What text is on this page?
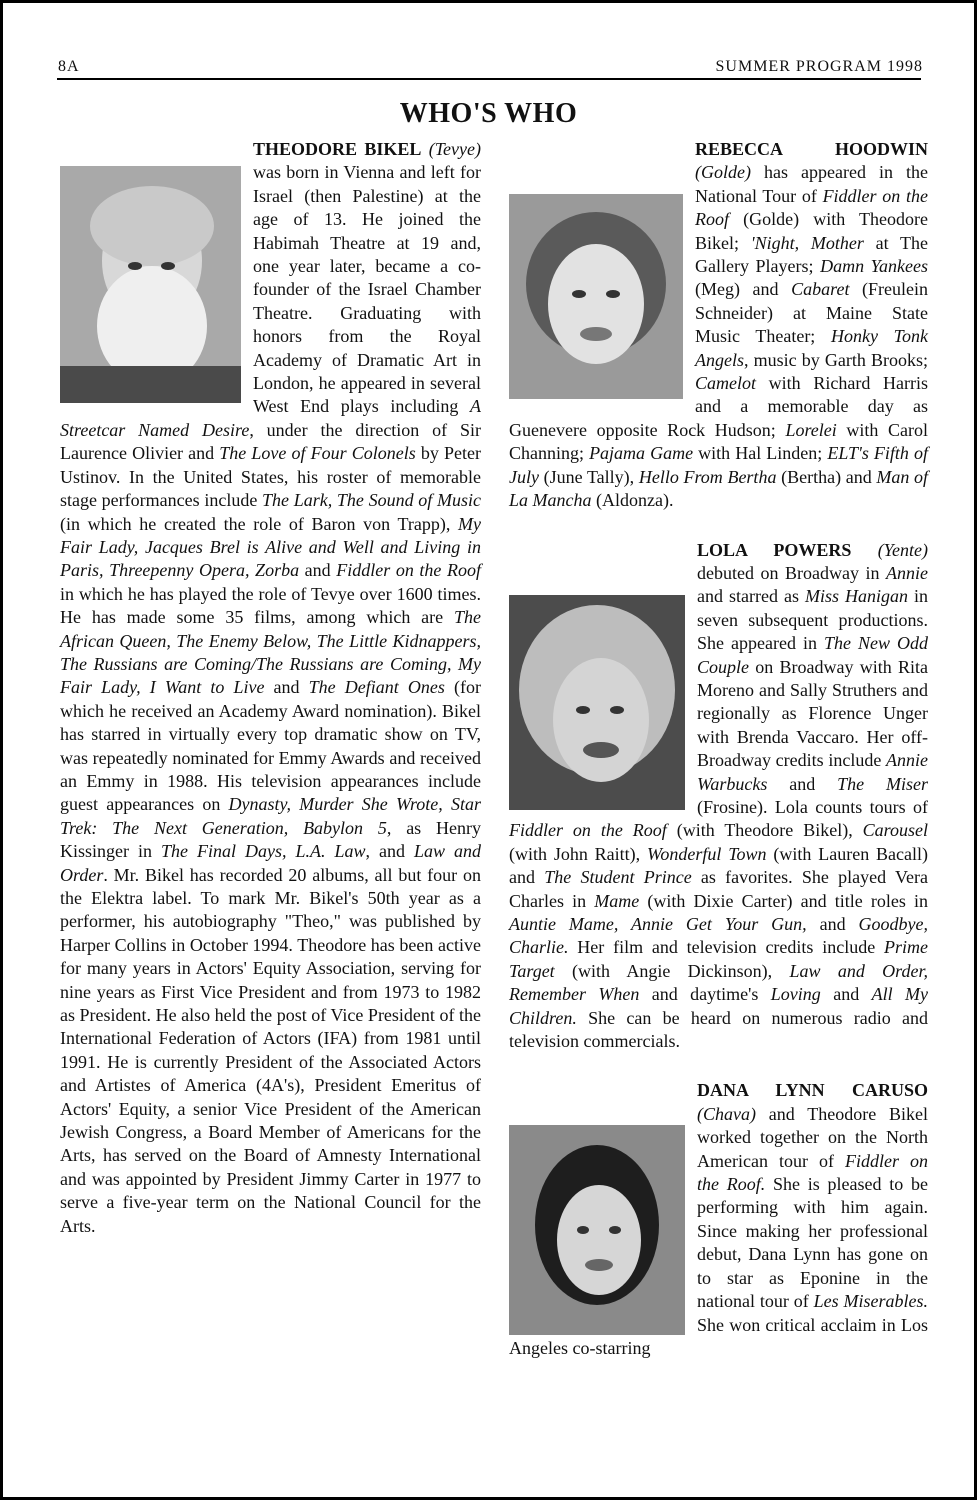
8A	SUMMER PROGRAM 1998
WHO'S WHO

THEODORE BIKEL (Tevye) was born in Vienna and left for Israel (then Palestine) at the age of 13. He joined the Habimah Theatre at 19 and, one year later, became a co-founder of the Israel Chamber Theatre. Graduating with honors from the Royal Academy of Dramatic Art in London, he appeared in several West End plays including A Streetcar Named Desire, under the direction of Sir Laurence Olivier and The Love of Four Colonels by Peter Ustinov. In the United States, his roster of memorable stage performances include The Lark, The Sound of Music (in which he created the role of Baron von Trapp), My Fair Lady, Jacques Brel is Alive and Well and Living in Paris, Threepenny Opera, Zorba and Fiddler on the Roof in which he has played the role of Tevye over 1600 times. He has made some 35 films, among which are The African Queen, The Enemy Below, The Little Kidnappers, The Russians are Coming/The Russians are Coming, My Fair Lady, I Want to Live and The Defiant Ones (for which he received an Academy Award nomination). Bikel has starred in virtually every top dramatic show on TV, was repeatedly nominated for Emmy Awards and received an Emmy in 1988. His television appearances include guest appearances on Dynasty, Murder She Wrote, Star Trek: The Next Generation, Babylon 5, as Henry Kissinger in The Final Days, L.A. Law, and Law and Order. Mr. Bikel has recorded 20 albums, all but four on the Elektra label. To mark Mr. Bikel's 50th year as a performer, his autobiography "Theo," was published by Harper Collins in October 1994. Theodore has been active for many years in Actors' Equity Association, serving for nine years as First Vice President and from 1973 to 1982 as President. He also held the post of Vice President of the International Federation of Actors (IFA) from 1981 until 1991. He is currently President of the Associated Actors and Artistes of America (4A's), President Emeritus of Actors' Equity, a senior Vice President of the American Jewish Congress, a Board Member of Americans for the Arts, has served on the Board of Amnesty International and was appointed by President Jimmy Carter in 1977 to serve a five-year term on the National Council for the Arts.

REBECCA HOODWIN (Golde) has appeared in the National Tour of Fiddler on the Roof (Golde) with Theodore Bikel; 'Night, Mother at The Gallery Players; Damn Yankees (Meg) and Cabaret (Freulein Schneider) at Maine State Music Theater; Honky Tonk Angels, music by Garth Brooks; Camelot with Richard Harris and a memorable day as Guenevere opposite Rock Hudson; Lorelei with Carol Channing; Pajama Game with Hal Linden; ELT's Fifth of July (June Tally), Hello From Bertha (Bertha) and Man of La Mancha (Aldonza).

LOLA POWERS (Yente) debuted on Broadway in Annie and starred as Miss Hanigan in seven subsequent productions. She appeared in The New Odd Couple on Broadway with Rita Moreno and Sally Struthers and regionally as Florence Unger with Brenda Vaccaro. Her off-Broadway credits include Annie Warbucks and The Miser (Frosine). Lola counts tours of Fiddler on the Roof (with Theodore Bikel), Carousel (with John Raitt), Wonderful Town (with Lauren Bacall) and The Student Prince as favorites. She played Vera Charles in Mame (with Dixie Carter) and title roles in Auntie Mame, Annie Get Your Gun, and Goodbye, Charlie. Her film and television credits include Prime Target (with Angie Dickinson), Law and Order, Remember When and daytime's Loving and All My Children. She can be heard on numerous radio and television commercials.

DANA LYNN CARUSO (Chava) and Theodore Bikel worked together on the North American tour of Fiddler on the Roof. She is pleased to be performing with him again. Since making her professional debut, Dana Lynn has gone on to star as Eponine in the national tour of Les Miserables. She won critical acclaim in Los Angeles co-starring
